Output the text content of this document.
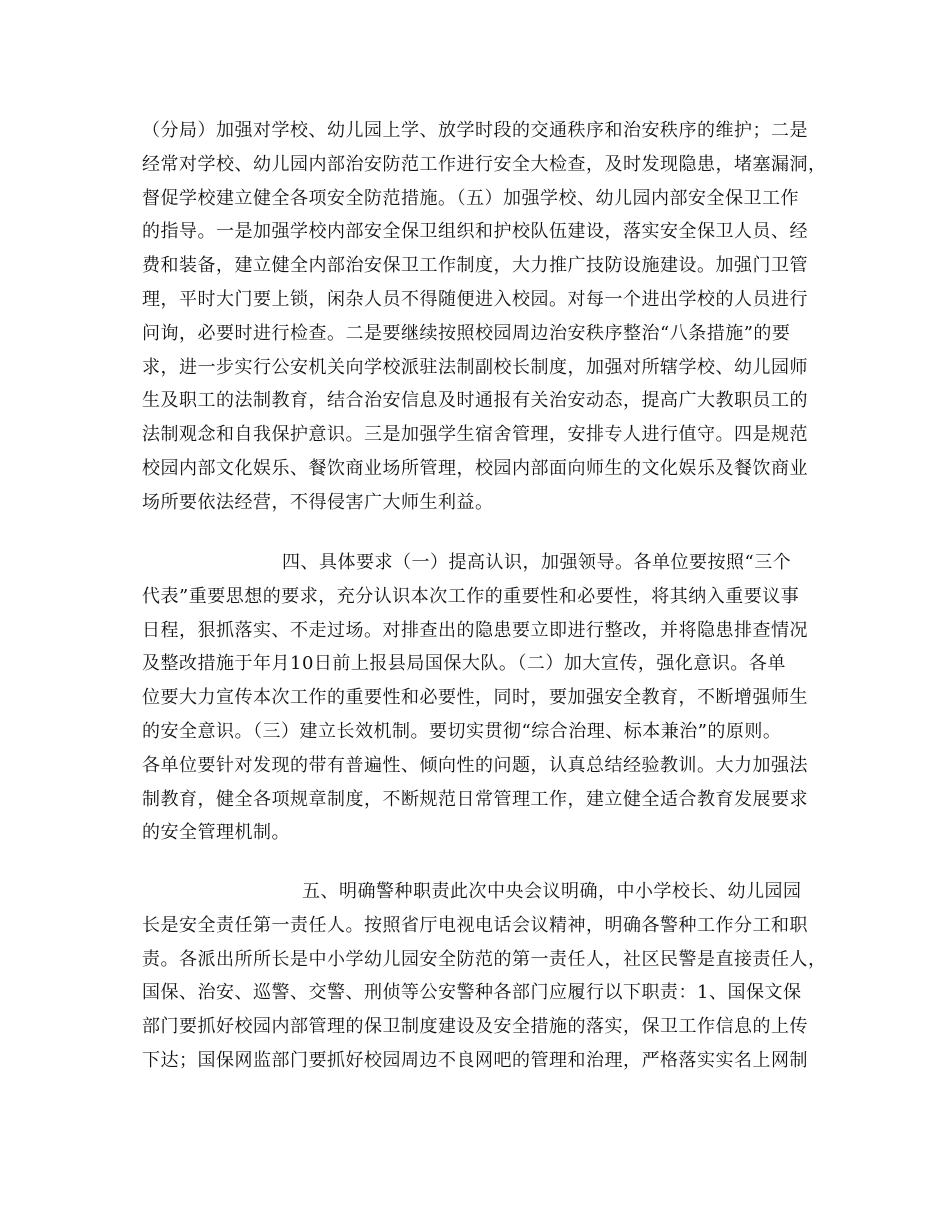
（分局）加强对学校、幼儿园上学、放学时段的交通秩序和治安秩序的维护；二是
经常对学校、幼儿园内部治安防范工作进行安全大检查，及时发现隐患，堵塞漏洞，
督促学校建立健全各项安全防范措施。（五）加强学校、幼儿园内部安全保卫工作
的指导。一是加强学校内部安全保卫组织和护校队伍建设，落实安全保卫人员、经
费和装备，建立健全内部治安保卫工作制度，大力推广技防设施建设。加强门卫管
理，平时大门要上锁，闲杂人员不得随便进入校园。对每一个进出学校的人员进行
问询，必要时进行检查。二是要继续按照校园周边治安秩序整治“八条措施”的要
求，进一步实行公安机关向学校派驻法制副校长制度，加强对所辖学校、幼儿园师
生及职工的法制教育，结合治安信息及时通报有关治安动态，提高广大教职员工的
法制观念和自我保护意识。三是加强学生宿舍管理，安排专人进行值守。四是规范
校园内部文化娱乐、餐饮商业场所管理，校园内部面向师生的文化娱乐及餐饮商业
场所要依法经营，不得侵害广大师生利益。
四、具体要求（一）提高认识，加强领导。各单位要按照“三个
代表”重要思想的要求，充分认识本次工作的重要性和必要性，将其纳入重要议事
日程，狠抓落实、不走过场。对排查出的隐患要立即进行整改，并将隐患排查情况
及整改措施于年月10日前上报县局国保大队。（二）加大宣传，强化意识。各单
位要大力宣传本次工作的重要性和必要性，同时，要加强安全教育，不断增强师生
的安全意识。（三）建立长效机制。要切实贯彻“综合治理、标本兼治”的原则。
各单位要针对发现的带有普遍性、倾向性的问题，认真总结经验教训。大力加强法
制教育，健全各项规章制度，不断规范日常管理工作，建立健全适合教育发展要求
的安全管理机制。
五、明确警种职责此次中央会议明确，中小学校长、幼儿园园
长是安全责任第一责任人。按照省厅电视电话会议精神，明确各警种工作分工和职
责。各派出所所长是中小学幼儿园安全防范的第一责任人，社区民警是直接责任人，
国保、治安、巡警、交警、刑侦等公安警种各部门应履行以下职责：1、国保文保
部门要抓好校园内部管理的保卫制度建设及安全措施的落实，保卫工作信息的上传
下达；国保网监部门要抓好校园周边不良网吧的管理和治理，严格落实实名上网制
